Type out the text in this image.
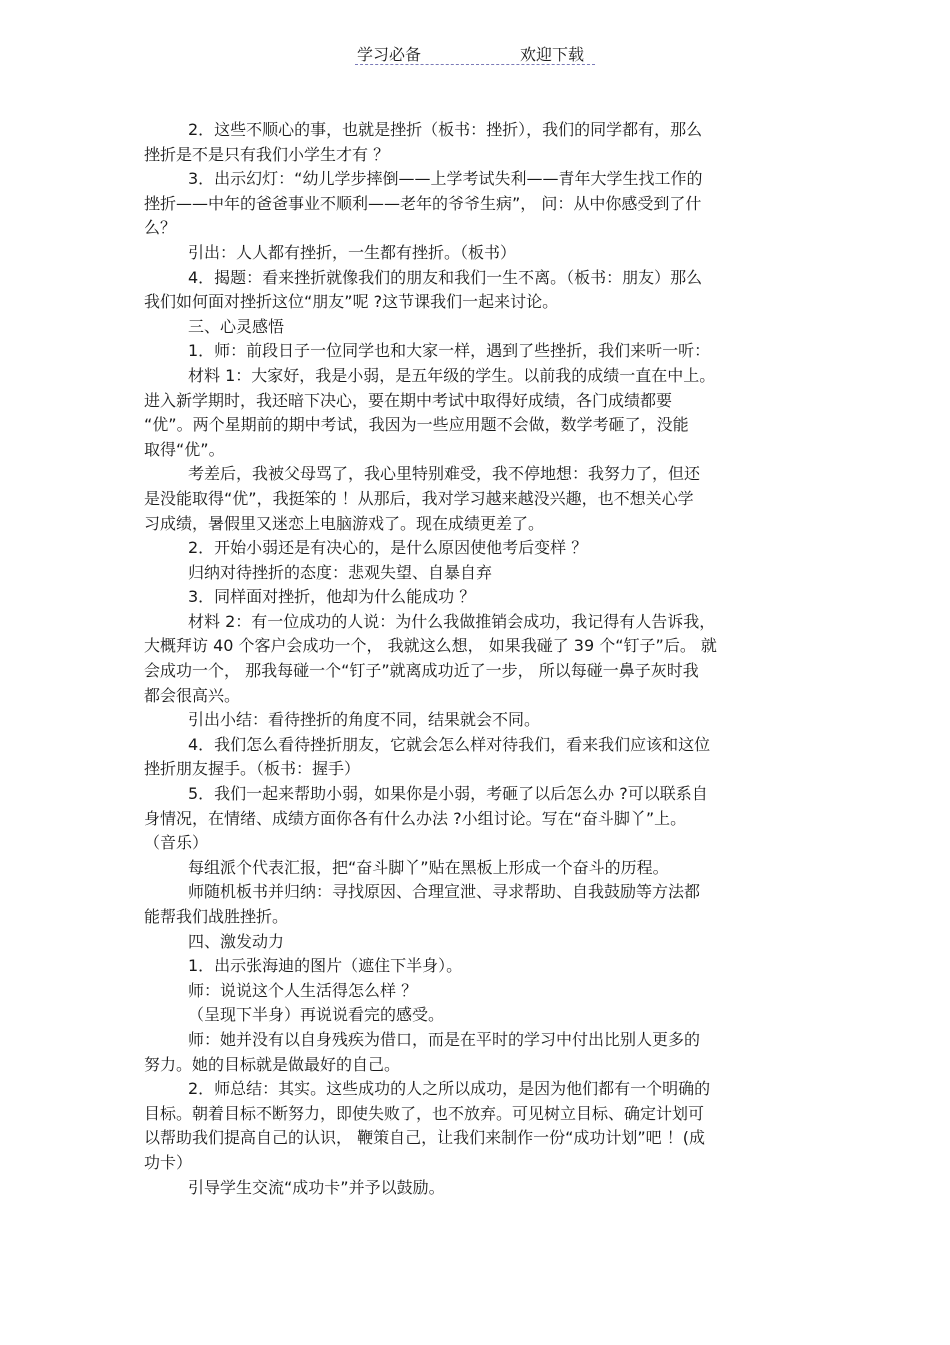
学习必备	欢迎下载
2．这些不顺心的事，也就是挫折（板书：挫折），我们的同学都有，那么
挫折是不是只有我们小学生才有 ？
3．出示幻灯：“幼儿学步摔倒——上学考试失利——青年大学生找工作的
挫折——中年的爸爸事业不顺利——老年的爷爷生病”， 问：从中你感受到了什
么？
引出：人人都有挫折，一生都有挫折。（板书）
4．揭题：看来挫折就像我们的朋友和我们一生不离。（板书：朋友）那么
我们如何面对挫折这位“朋友”呢 ?这节课我们一起来讨论。
三、心灵感悟
1．师：前段日子一位同学也和大家一样，遇到了些挫折，我们来听一听：
材料 1：大家好，我是小弱，是五年级的学生。以前我的成绩一直在中上。
进入新学期时，我还暗下决心，要在期中考试中取得好成绩，各门成绩都要
“优”。两个星期前的期中考试，我因为一些应用题不会做，数学考砸了，没能
取得“优”。
考差后，我被父母骂了，我心里特别难受，我不停地想：我努力了，但还
是没能取得“优”，我挺笨的 ！从那后，我对学习越来越没兴趣，也不想关心学
习成绩，暑假里又迷恋上电脑游戏了。现在成绩更差了。
2．开始小弱还是有决心的，是什么原因使他考后变样 ？
归纳对待挫折的态度：悲观失望、自暴自弃
3．同样面对挫折，他却为什么能成功 ？
材料 2：有一位成功的人说：为什么我做推销会成功，我记得有人告诉我，
大概拜访 40 个客户会成功一个， 我就这么想， 如果我碰了 39 个“钉子”后。 就
会成功一个， 那我每碰一个“钉子”就离成功近了一步， 所以每碰一鼻子灰时我
都会很高兴。
引出小结：看待挫折的角度不同，结果就会不同。
4．我们怎么看待挫折朋友，它就会怎么样对待我们，看来我们应该和这位
挫折朋友握手。（板书：握手）
5．我们一起来帮助小弱，如果你是小弱，考砸了以后怎么办 ?可以联系自
身情况，在情绪、成绩方面你各有什么办法 ?小组讨论。写在“奋斗脚丫”上。
（音乐）
每组派个代表汇报，把“奋斗脚丫”贴在黑板上形成一个奋斗的历程。
师随机板书并归纳：寻找原因、合理宣泄、寻求帮助、自我鼓励等方法都
能帮我们战胜挫折。
四、激发动力
1．出示张海迪的图片（遮住下半身）。
师：说说这个人生活得怎么样 ？
（呈现下半身）再说说看完的感受。
师：她并没有以自身残疾为借口，而是在平时的学习中付出比别人更多的
努力。她的目标就是做最好的自己。
2．师总结：其实。这些成功的人之所以成功，是因为他们都有一个明确的
目标。朝着目标不断努力，即使失败了，也不放弃。可见树立目标、确定计划可
以帮助我们提高自己的认识， 鞭策自己，让我们来制作一份“成功计划”吧 ！(成
功卡）
引导学生交流“成功卡”并予以鼓励。
